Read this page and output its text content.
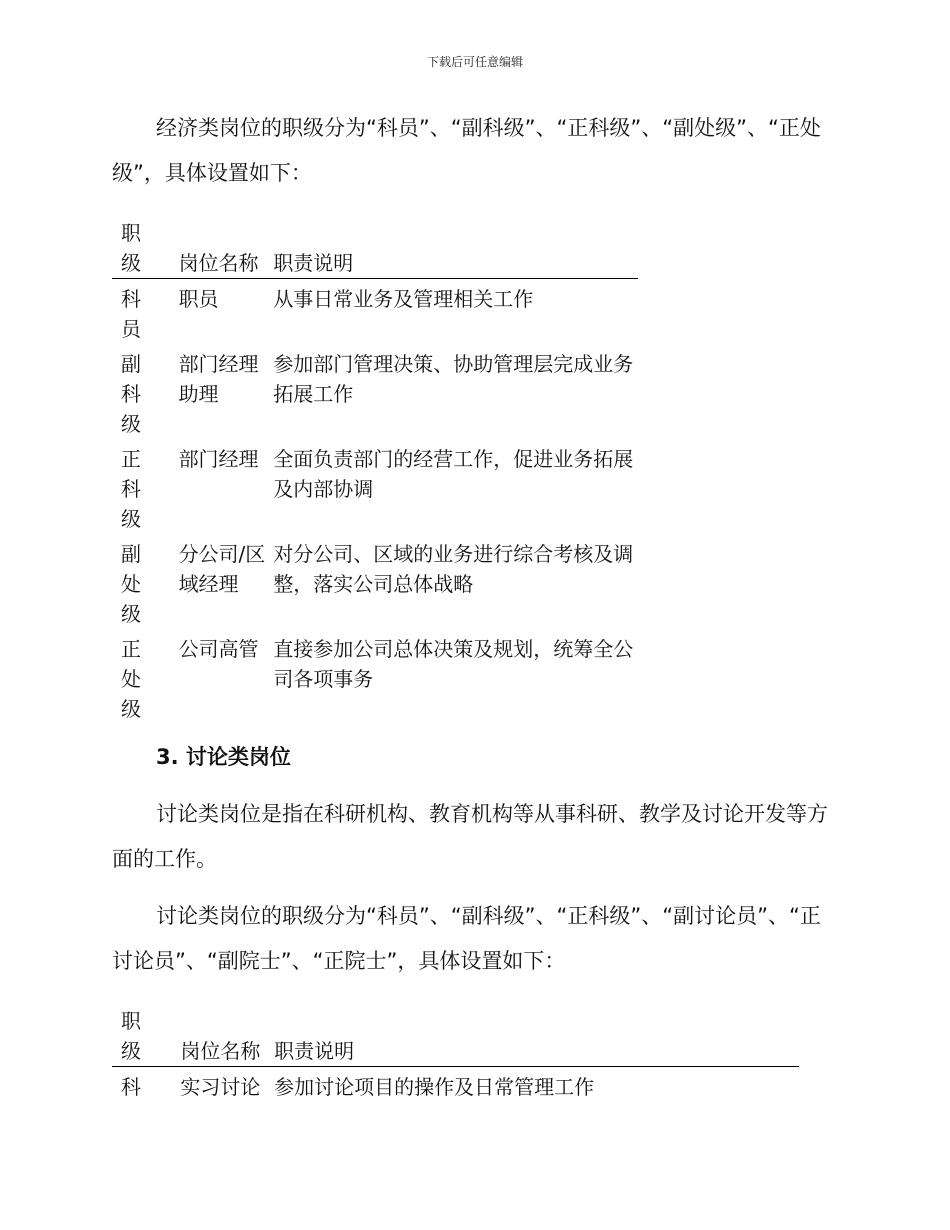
下载后可任意编辑

经济类岗位的职级分为“科员”、“副科级”、“正科级”、“副处级”、“正处级”，具体设置如下：

职级	岗位名称	职责说明
科员	职员	从事日常业务及管理相关工作
副科级	部门经理助理	参加部门管理决策、协助管理层完成业务拓展工作
正科级	部门经理	全面负责部门的经营工作，促进业务拓展及内部协调
副处级	分公司/区域经理	对分公司、区域的业务进行综合考核及调整，落实公司总体战略
正处级	公司高管	直接参加公司总体决策及规划，统筹全公司各项事务
3. 讨论类岗位

讨论类岗位是指在科研机构、教育机构等从事科研、教学及讨论开发等方面的工作。

讨论类岗位的职级分为“科员”、“副科级”、“正科级”、“副讨论员”、“正讨论员”、“副院士”、“正院士”，具体设置如下：

职级	岗位名称	职责说明
科	实习讨论	参加讨论项目的操作及日常管理工作
